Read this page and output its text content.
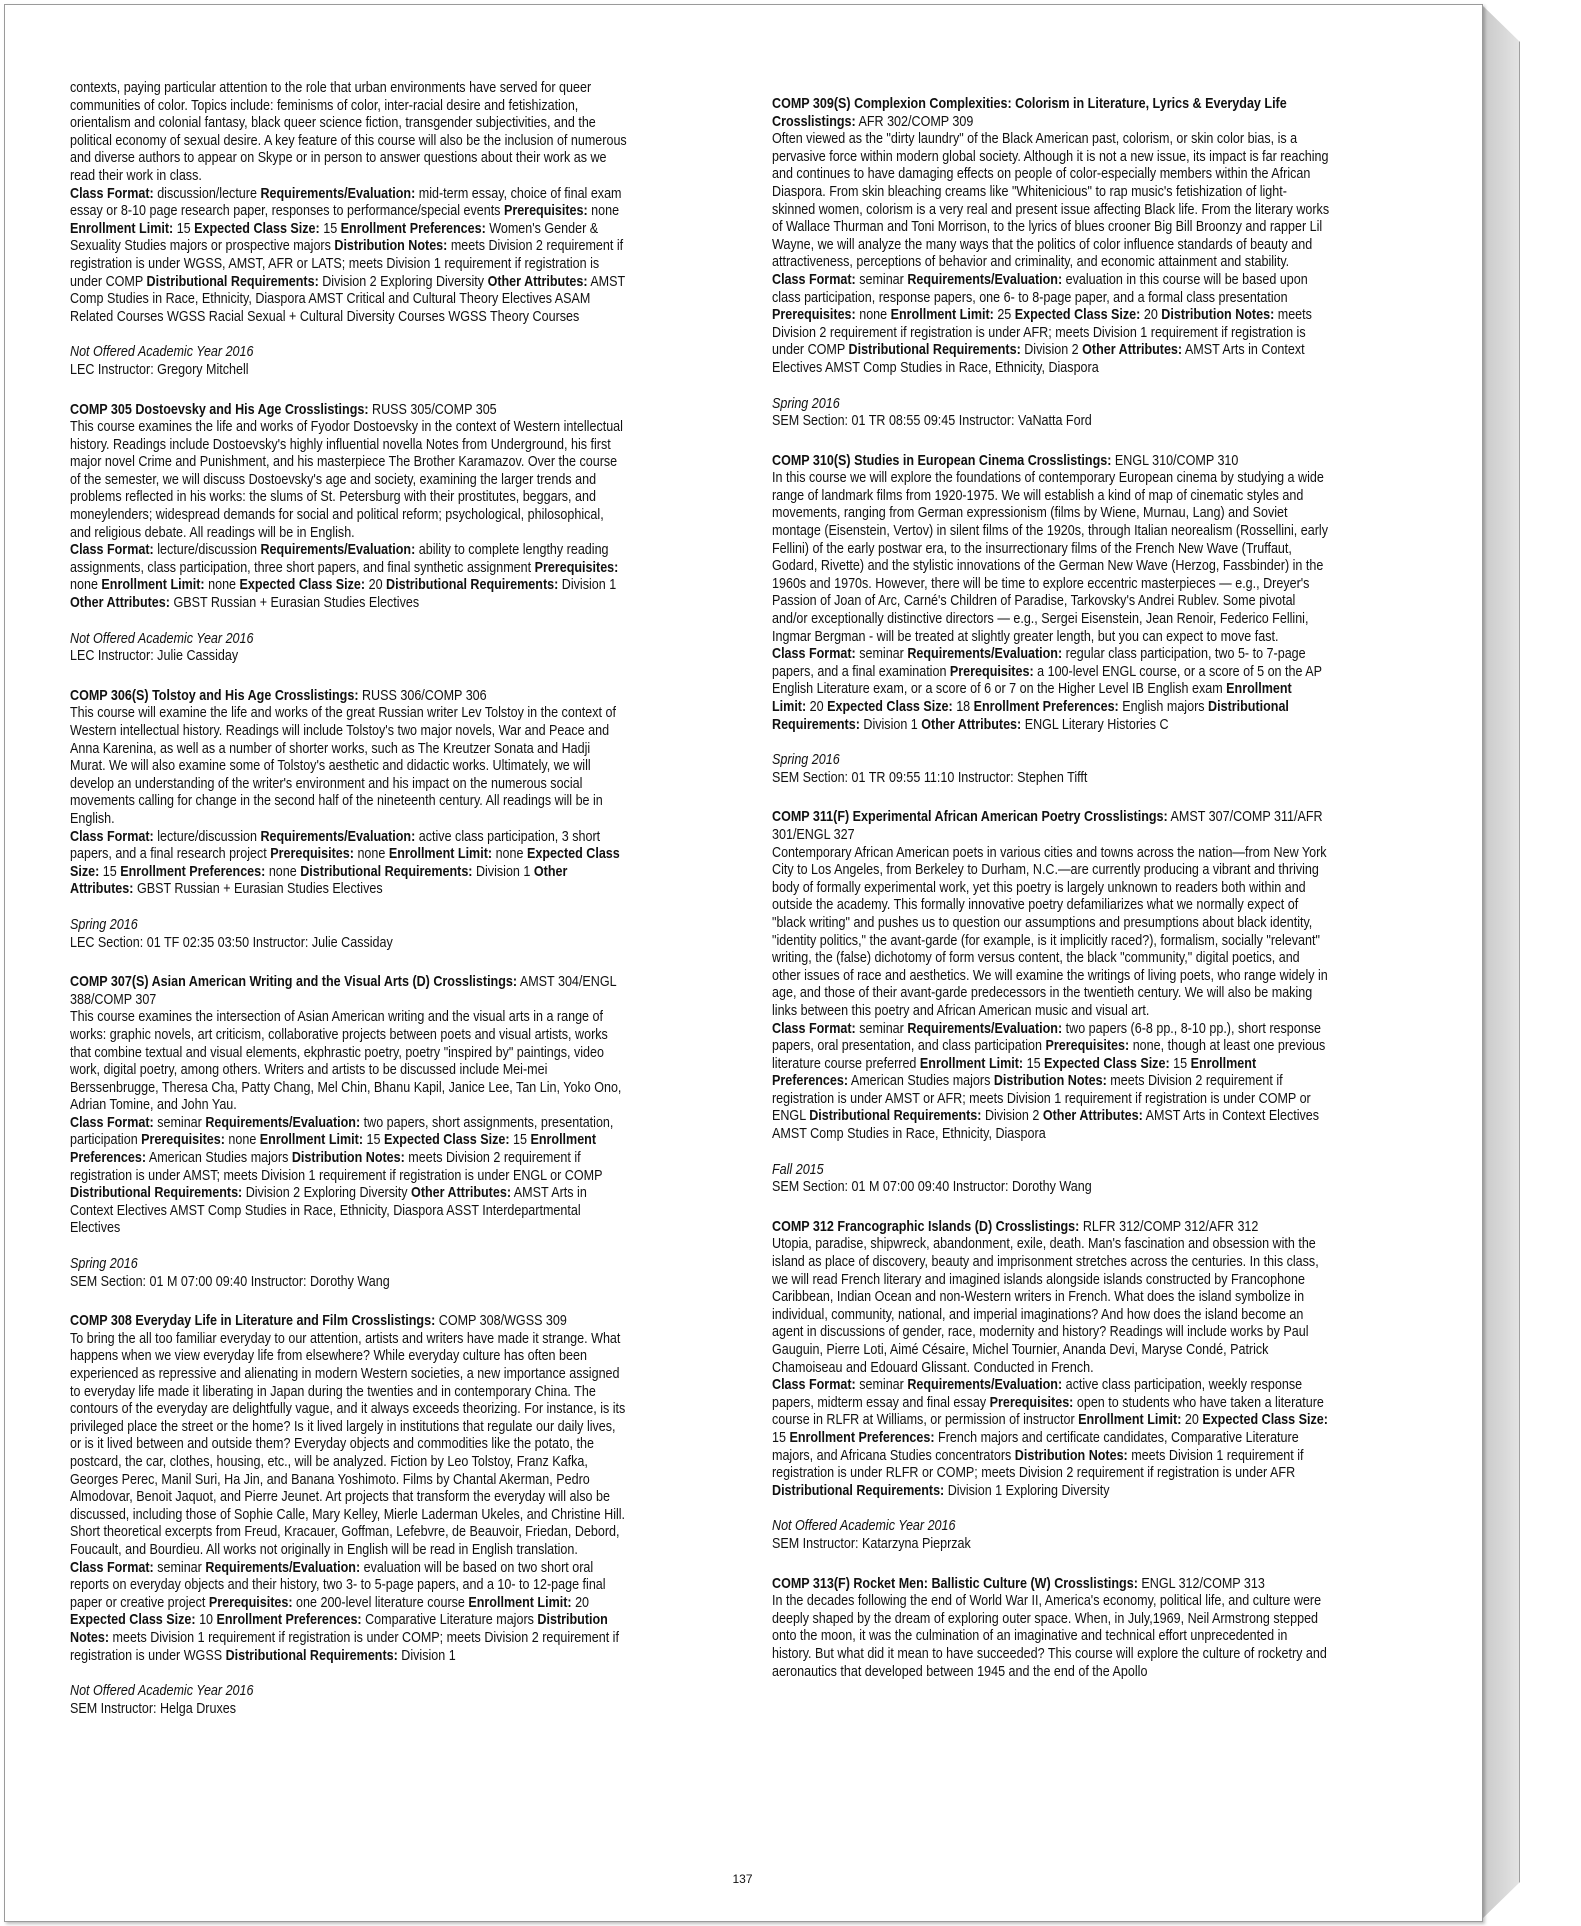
contexts, paying particular attention to the role that urban environments have served for queer communities of color. Topics include: feminisms of color, inter-racial desire and fetishization, orientalism and colonial fantasy, black queer science fiction, transgender subjectivities, and the political economy of sexual desire. A key feature of this course will also be the inclusion of numerous and diverse authors to appear on Skype or in person to answer questions about their work as we read their work in class.

Class Format: discussion/lecture Requirements/Evaluation: mid-term essay, choice of final exam essay or 8-10 page research paper, responses to performance/special events Prerequisites: none Enrollment Limit: 15 Expected Class Size: 15 Enrollment Preferences: Women's Gender & Sexuality Studies majors or prospective majors Distribution Notes: meets Division 2 requirement if registration is under WGSS, AMST, AFR or LATS; meets Division 1 requirement if registration is under COMP Distributional Requirements: Division 2 Exploring Diversity Other Attributes: AMST Comp Studies in Race, Ethnicity, Diaspora AMST Critical and Cultural Theory Electives ASAM Related Courses WGSS Racial Sexual + Cultural Diversity Courses WGSS Theory Courses
Not Offered Academic Year 2016
LEC Instructor: Gregory Mitchell
COMP 305 Dostoevsky and His Age Crosslistings: RUSS 305/COMP 305

This course examines the life and works of Fyodor Dostoevsky in the context of Western intellectual history. Readings include Dostoevsky's highly influential novella Notes from Underground, his first major novel Crime and Punishment, and his masterpiece The Brother Karamazov. Over the course of the semester, we will discuss Dostoevsky's age and society, examining the larger trends and problems reflected in his works: the slums of St. Petersburg with their prostitutes, beggars, and moneylenders; widespread demands for social and political reform; psychological, philosophical, and religious debate. All readings will be in English.

Class Format: lecture/discussion Requirements/Evaluation: ability to complete lengthy reading assignments, class participation, three short papers, and final synthetic assignment Prerequisites: none Enrollment Limit: none Expected Class Size: 20 Distributional Requirements: Division 1 Other Attributes: GBST Russian + Eurasian Studies Electives
Not Offered Academic Year 2016
LEC Instructor: Julie Cassiday
COMP 306(S) Tolstoy and His Age Crosslistings: RUSS 306/COMP 306

This course will examine the life and works of the great Russian writer Lev Tolstoy in the context of Western intellectual history. Readings will include Tolstoy's two major novels, War and Peace and Anna Karenina, as well as a number of shorter works, such as The Kreutzer Sonata and Hadji Murat. We will also examine some of Tolstoy's aesthetic and didactic works. Ultimately, we will develop an understanding of the writer's environment and his impact on the numerous social movements calling for change in the second half of the nineteenth century. All readings will be in English.

Class Format: lecture/discussion Requirements/Evaluation: active class participation, 3 short papers, and a final research project Prerequisites: none Enrollment Limit: none Expected Class Size: 15 Enrollment Preferences: none Distributional Requirements: Division 1 Other Attributes: GBST Russian + Eurasian Studies Electives
Spring 2016
LEC Section: 01 TF 02:35 03:50 Instructor: Julie Cassiday
COMP 307(S) Asian American Writing and the Visual Arts (D) Crosslistings: AMST 304/ENGL 388/COMP 307

This course examines the intersection of Asian American writing and the visual arts in a range of works: graphic novels, art criticism, collaborative projects between poets and visual artists, works that combine textual and visual elements, ekphrastic poetry, poetry "inspired by" paintings, video work, digital poetry, among others. Writers and artists to be discussed include Mei-mei Berssenbrugge, Theresa Cha, Patty Chang, Mel Chin, Bhanu Kapil, Janice Lee, Tan Lin, Yoko Ono, Adrian Tomine, and John Yau.

Class Format: seminar Requirements/Evaluation: two papers, short assignments, presentation, participation Prerequisites: none Enrollment Limit: 15 Expected Class Size: 15 Enrollment Preferences: American Studies majors Distribution Notes: meets Division 2 requirement if registration is under AMST; meets Division 1 requirement if registration is under ENGL or COMP Distributional Requirements: Division 2 Exploring Diversity Other Attributes: AMST Arts in Context Electives AMST Comp Studies in Race, Ethnicity, Diaspora ASST Interdepartmental Electives
Spring 2016
SEM Section: 01 M 07:00 09:40 Instructor: Dorothy Wang
COMP 308 Everyday Life in Literature and Film Crosslistings: COMP 308/WGSS 309

To bring the all too familiar everyday to our attention, artists and writers have made it strange. What happens when we view everyday life from elsewhere? While everyday culture has often been experienced as repressive and alienating in modern Western societies, a new importance assigned to everyday life made it liberating in Japan during the twenties and in contemporary China. The contours of the everyday are delightfully vague, and it always exceeds theorizing. For instance, is its privileged place the street or the home? Is it lived largely in institutions that regulate our daily lives, or is it lived between and outside them? Everyday objects and commodities like the potato, the postcard, the car, clothes, housing, etc., will be analyzed. Fiction by Leo Tolstoy, Franz Kafka, Georges Perec, Manil Suri, Ha Jin, and Banana Yoshimoto. Films by Chantal Akerman, Pedro Almodovar, Benoit Jaquot, and Pierre Jeunet. Art projects that transform the everyday will also be discussed, including those of Sophie Calle, Mary Kelley, Mierle Laderman Ukeles, and Christine Hill. Short theoretical excerpts from Freud, Kracauer, Goffman, Lefebvre, de Beauvoir, Friedan, Debord, Foucault, and Bourdieu. All works not originally in English will be read in English translation.

Class Format: seminar Requirements/Evaluation: evaluation will be based on two short oral reports on everyday objects and their history, two 3- to 5-page papers, and a 10- to 12-page final paper or creative project Prerequisites: one 200-level literature course Enrollment Limit: 20 Expected Class Size: 10 Enrollment Preferences: Comparative Literature majors Distribution Notes: meets Division 1 requirement if registration is under COMP; meets Division 2 requirement if registration is under WGSS Distributional Requirements: Division 1
Not Offered Academic Year 2016
SEM Instructor: Helga Druxes
COMP 309(S) Complexion Complexities: Colorism in Literature, Lyrics & Everyday Life Crosslistings: AFR 302/COMP 309

Often viewed as the "dirty laundry" of the Black American past, colorism, or skin color bias, is a pervasive force within modern global society. Although it is not a new issue, its impact is far reaching and continues to have damaging effects on people of color-especially members within the African Diaspora. From skin bleaching creams like "Whitenicious" to rap music's fetishization of light-skinned women, colorism is a very real and present issue affecting Black life. From the literary works of Wallace Thurman and Toni Morrison, to the lyrics of blues crooner Big Bill Broonzy and rapper Lil Wayne, we will analyze the many ways that the politics of color influence standards of beauty and attractiveness, perceptions of behavior and criminality, and economic attainment and stability.

Class Format: seminar Requirements/Evaluation: evaluation in this course will be based upon class participation, response papers, one 6- to 8-page paper, and a formal class presentation Prerequisites: none Enrollment Limit: 25 Expected Class Size: 20 Distribution Notes: meets Division 2 requirement if registration is under AFR; meets Division 1 requirement if registration is under COMP Distributional Requirements: Division 2 Other Attributes: AMST Arts in Context Electives AMST Comp Studies in Race, Ethnicity, Diaspora
Spring 2016
SEM Section: 01 TR 08:55 09:45 Instructor: VaNatta Ford
COMP 310(S) Studies in European Cinema Crosslistings: ENGL 310/COMP 310

In this course we will explore the foundations of contemporary European cinema by studying a wide range of landmark films from 1920-1975. We will establish a kind of map of cinematic styles and movements, ranging from German expressionism (films by Wiene, Murnau, Lang) and Soviet montage (Eisenstein, Vertov) in silent films of the 1920s, through Italian neorealism (Rossellini, early Fellini) of the early postwar era, to the insurrectionary films of the French New Wave (Truffaut, Godard, Rivette) and the stylistic innovations of the German New Wave (Herzog, Fassbinder) in the 1960s and 1970s. However, there will be time to explore eccentric masterpieces — e.g., Dreyer's Passion of Joan of Arc, Carné's Children of Paradise, Tarkovsky's Andrei Rublev. Some pivotal and/or exceptionally distinctive directors — e.g., Sergei Eisenstein, Jean Renoir, Federico Fellini, Ingmar Bergman - will be treated at slightly greater length, but you can expect to move fast.

Class Format: seminar Requirements/Evaluation: regular class participation, two 5- to 7-page papers, and a final examination Prerequisites: a 100-level ENGL course, or a score of 5 on the AP English Literature exam, or a score of 6 or 7 on the Higher Level IB English exam Enrollment Limit: 20 Expected Class Size: 18 Enrollment Preferences: English majors Distributional Requirements: Division 1 Other Attributes: ENGL Literary Histories C
Spring 2016
SEM Section: 01 TR 09:55 11:10 Instructor: Stephen Tifft
COMP 311(F) Experimental African American Poetry Crosslistings: AMST 307/COMP 311/AFR 301/ENGL 327

Contemporary African American poets in various cities and towns across the nation—from New York City to Los Angeles, from Berkeley to Durham, N.C.—are currently producing a vibrant and thriving body of formally experimental work, yet this poetry is largely unknown to readers both within and outside the academy. This formally innovative poetry defamiliarizes what we normally expect of "black writing" and pushes us to question our assumptions and presumptions about black identity, "identity politics," the avant-garde (for example, is it implicitly raced?), formalism, socially "relevant" writing, the (false) dichotomy of form versus content, the black "community," digital poetics, and other issues of race and aesthetics. We will examine the writings of living poets, who range widely in age, and those of their avant-garde predecessors in the twentieth century. We will also be making links between this poetry and African American music and visual art.

Class Format: seminar Requirements/Evaluation: two papers (6-8 pp., 8-10 pp.), short response papers, oral presentation, and class participation Prerequisites: none, though at least one previous literature course preferred Enrollment Limit: 15 Expected Class Size: 15 Enrollment Preferences: American Studies majors Distribution Notes: meets Division 2 requirement if registration is under AMST or AFR; meets Division 1 requirement if registration is under COMP or ENGL Distributional Requirements: Division 2 Other Attributes: AMST Arts in Context Electives AMST Comp Studies in Race, Ethnicity, Diaspora
Fall 2015
SEM Section: 01 M 07:00 09:40 Instructor: Dorothy Wang
COMP 312 Francographic Islands (D) Crosslistings: RLFR 312/COMP 312/AFR 312

Utopia, paradise, shipwreck, abandonment, exile, death. Man's fascination and obsession with the island as place of discovery, beauty and imprisonment stretches across the centuries. In this class, we will read French literary and imagined islands alongside islands constructed by Francophone Caribbean, Indian Ocean and non-Western writers in French. What does the island symbolize in individual, community, national, and imperial imaginations? And how does the island become an agent in discussions of gender, race, modernity and history? Readings will include works by Paul Gauguin, Pierre Loti, Aimé Césaire, Michel Tournier, Ananda Devi, Maryse Condé, Patrick Chamoiseau and Edouard Glissant. Conducted in French.

Class Format: seminar Requirements/Evaluation: active class participation, weekly response papers, midterm essay and final essay Prerequisites: open to students who have taken a literature course in RLFR at Williams, or permission of instructor Enrollment Limit: 20 Expected Class Size: 15 Enrollment Preferences: French majors and certificate candidates, Comparative Literature majors, and Africana Studies concentrators Distribution Notes: meets Division 1 requirement if registration is under RLFR or COMP; meets Division 2 requirement if registration is under AFR Distributional Requirements: Division 1 Exploring Diversity
Not Offered Academic Year 2016
SEM Instructor: Katarzyna Pieprzak
COMP 313(F) Rocket Men: Ballistic Culture (W) Crosslistings: ENGL 312/COMP 313

In the decades following the end of World War II, America's economy, political life, and culture were deeply shaped by the dream of exploring outer space. When, in July,1969, Neil Armstrong stepped onto the moon, it was the culmination of an imaginative and technical effort unprecedented in history. But what did it mean to have succeeded? This course will explore the culture of rocketry and aeronautics that developed between 1945 and the end of the Apollo

137
